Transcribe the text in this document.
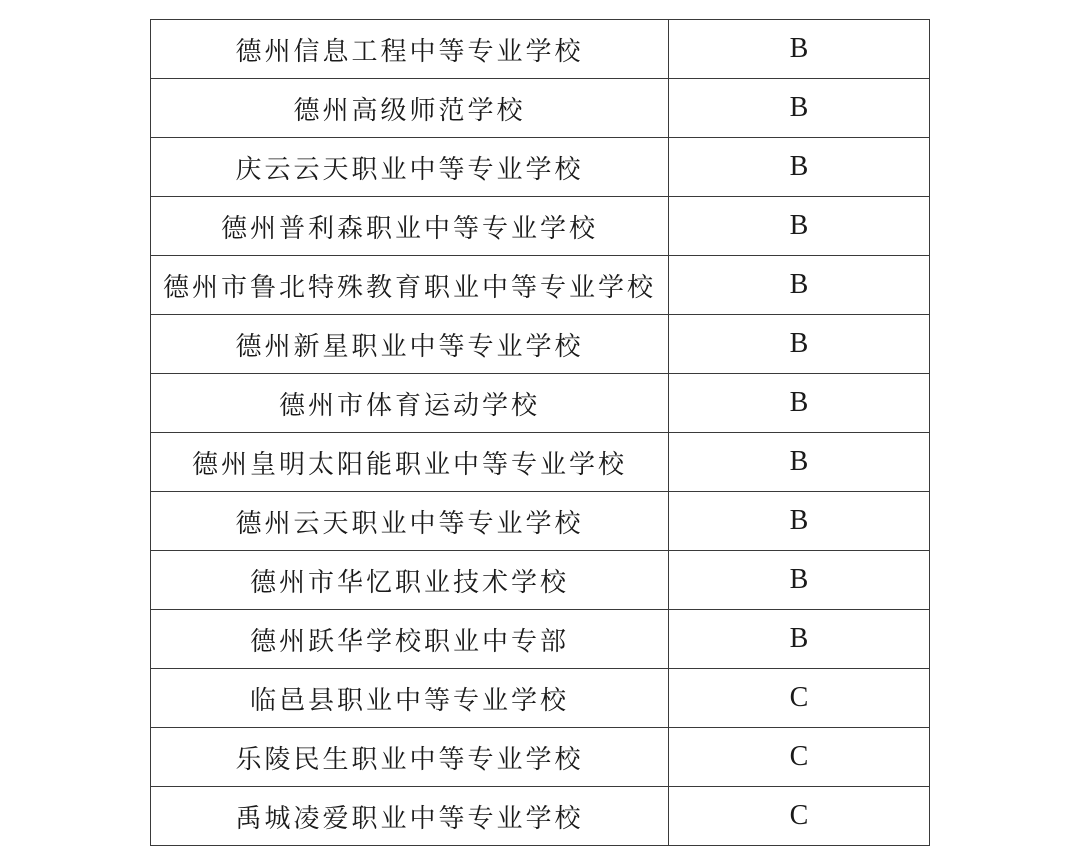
德州信息工程中等专业学校	B
德州高级师范学校	B
庆云云天职业中等专业学校	B
德州普利森职业中等专业学校	B
德州市鲁北特殊教育职业中等专业学校	B
德州新星职业中等专业学校	B
德州市体育运动学校	B
德州皇明太阳能职业中等专业学校	B
德州云天职业中等专业学校	B
德州市华忆职业技术学校	B
德州跃华学校职业中专部	B
临邑县职业中等专业学校	C
乐陵民生职业中等专业学校	C
禹城凌爱职业中等专业学校	C
